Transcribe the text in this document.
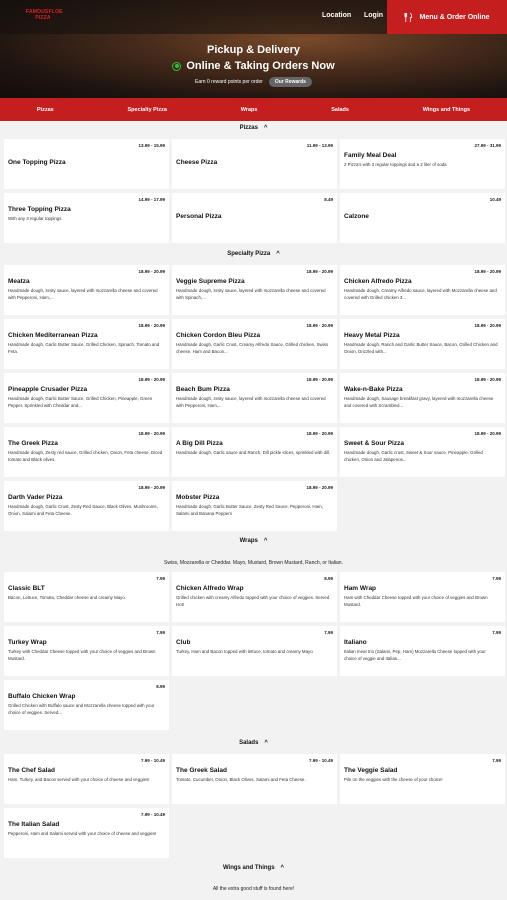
FAMOUSFLOE PIZZA	Location Login	Menu & Order Online
Pickup & Delivery
Online & Taking Orders Now
Earn 0 reward points per order	Our Rewards
Pizzas	Specialty Pizza	Wraps	Salads	Wings and Things
Pizzas ^
13.99 - 15.99
One Topping Pizza
11.99 - 13.99
Cheese Pizza
27.99 - 31.99
Family Meal Deal
2 Pizza's with 3 regular toppings and a 2 liter of soda
14.99 - 17.99
Three Topping Pizza
With any 3 regular toppings
8.49
Personal Pizza
10.49
Calzone
Specialty Pizza ^
18.99 - 20.99
Meatza
Handmade dough, zesty sauce, layered with mozzarella cheese and covered with Pepperoni, Ham,...
18.99 - 20.99
Veggie Supreme Pizza
Handmade dough, zesty sauce, layered with mozzarella cheese and covered with Spinach,...
18.99 - 20.99
Chicken Alfredo Pizza
Handmade dough, Creamy Alfredo sauce, layered with Mozzarella cheese and covered with Grilled chicken 3...
18.99 - 20.99
Chicken Mediterranean Pizza
Handmade dough, Garlic Butter Sauce, Grilled Chicken, Spinach, Tomato and Feta.
18.99 - 20.99
Chicken Cordon Bleu Pizza
Handmade dough, Garlic Crust, Creamy Alfredo Sauce, Grilled chicken, Swiss cheese, Ham and Bacon...
18.99 - 20.99
Heavy Metal Pizza
Handmade dough, Ranch and Garlic Butter Sauce, Bacon, Grilled Chicken and Onion, Drizzled with...
18.99 - 20.99
Pineapple Crusader Pizza
Handmade dough, Garlic Butter Sauce, Grilled Chicken, Pineapple, Green Pepper, Sprinkled with Cheddar and...
18.99 - 20.99
Beach Bum Pizza
Handmade dough, zesty sauce, layered with mozzarella cheese and covered with Pepperoni, Ham,...
18.99 - 20.99
Wake-n-Bake Pizza
Handmade dough, Sausage breakfast gravy, layered with mozzarella cheese and covered with Scrambled...
18.99 - 20.99
The Greek Pizza
Handmade dough, Zesty red sauce, Grilled chicken, Onion, Feta cheese, Diced tomato and Black olives.
18.99 - 20.99
A Big Dill Pizza
Handmade dough, Garlic sauce and Ranch, Dill pickle slices, sprinkled with dill.
18.99 - 20.99
Sweet & Sour Pizza
Handmade dough, Garlic crust, Sweet & Sour sauce, Pineapple, Grilled chicken, Onion and Jalapenos...
18.99 - 20.99
Darth Vader Pizza
Handmade dough, Garlic Crust, Zesty Red Sauce, Black Olives, Mushrooms, Onion, Salami and Feta Cheese.
18.99 - 20.99
Mobster Pizza
Handmade dough, Garlic Butter Sauce, Zesty Red Sauce, Pepperoni, Ham, Salami and Banana Peppers
Wraps ^
Swiss, Mozzarella or Cheddar. Mayo, Mustard, Brown Mustard, Ranch, or Italian.
7.99
Classic BLT
Bacon, Lettuce, Tomato, Cheddar cheese and creamy Mayo
8.99
Chicken Alfredo Wrap
Grilled chicken with creamy Alfredo topped with your choice of veggies. Served Hot!
7.99
Ham Wrap
Ham with Cheddar Cheese topped with your choice of veggies and Brown Mustard.
7.99
Turkey Wrap
Turkey with Cheddar Cheese topped with your choice of veggies and Brown Mustard.
7.99
Club
Turkey, Ham and Bacon topped with lettuce, tomato and creamy Mayo
7.99
Italiano
Italian meat trio (Salami, Pep, Ham) Mozzarella Cheese topped with your choice of veggie and Italian...
8.99
Buffalo Chicken Wrap
Grilled Chicken with Buffalo sauce and Mozzarella cheese topped with your choice of veggies. Served...
Salads ^
7.99 - 10.49
The Chef Salad
Ham, Turkey, and Bacon served with your choice of cheese and veggies!
7.99 - 10.49
The Greek Salad
Tomato, Cucumber, Onion, Black Olives, Salami and Feta Cheese.
7.99
The Veggie Salad
Pile on the veggies with the cheese of your choice!
7.99 - 10.49
The Italian Salad
Pepperoni, Ham and Salami served with your choice of cheese and veggies!
Wings and Things ^
All the extra good stuff is found here!
